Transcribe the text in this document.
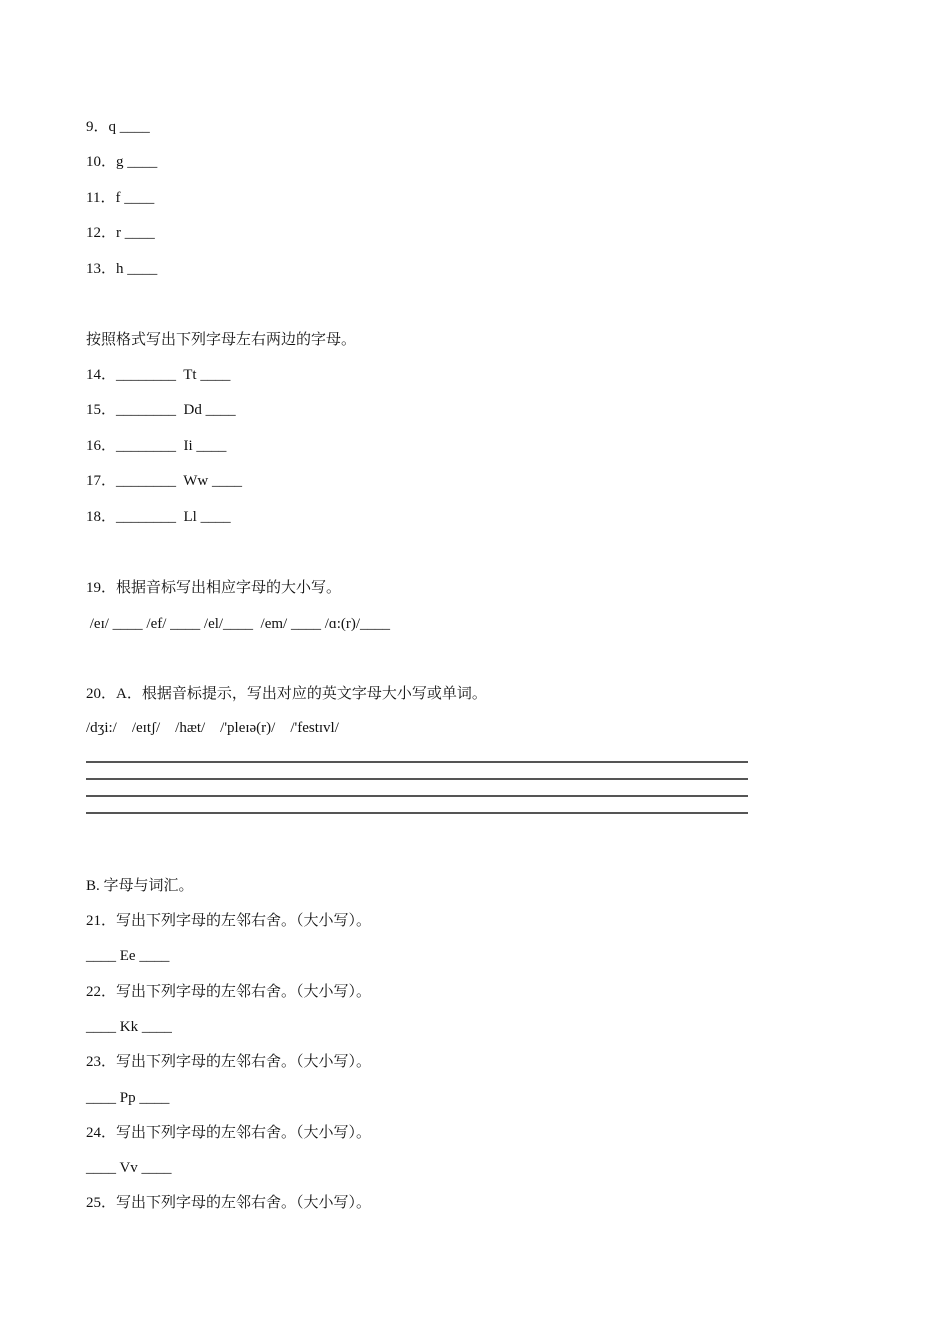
9．q ____
10．g ____
11．f ____
12．r ____
13．h ____
按照格式写出下列字母左右两边的字母。
14．________  Tt ____
15．________  Dd ____
16．________  Ii ____
17．________  Ww ____
18．________  Ll ____
19．根据音标写出相应字母的大小写。
/eɪ/ ____ /ef/ ____ /el/____  /em/ ____ /ɑ:(r)/____
20．A．根据音标提示，写出对应的英文字母大小写或单词。
/dʒi:/    /eɪtʃ/    /hæt/    /'pleɪə(r)/    /'festɪvl/
B. 字母与词汇。
21．写出下列字母的左邻右舍。（大小写）。
____ Ee ____
22．写出下列字母的左邻右舍。（大小写）。
____ Kk ____
23．写出下列字母的左邻右舍。（大小写）。
____ Pp ____
24．写出下列字母的左邻右舍。（大小写）。
____ Vv ____
25．写出下列字母的左邻右舍。（大小写）。
